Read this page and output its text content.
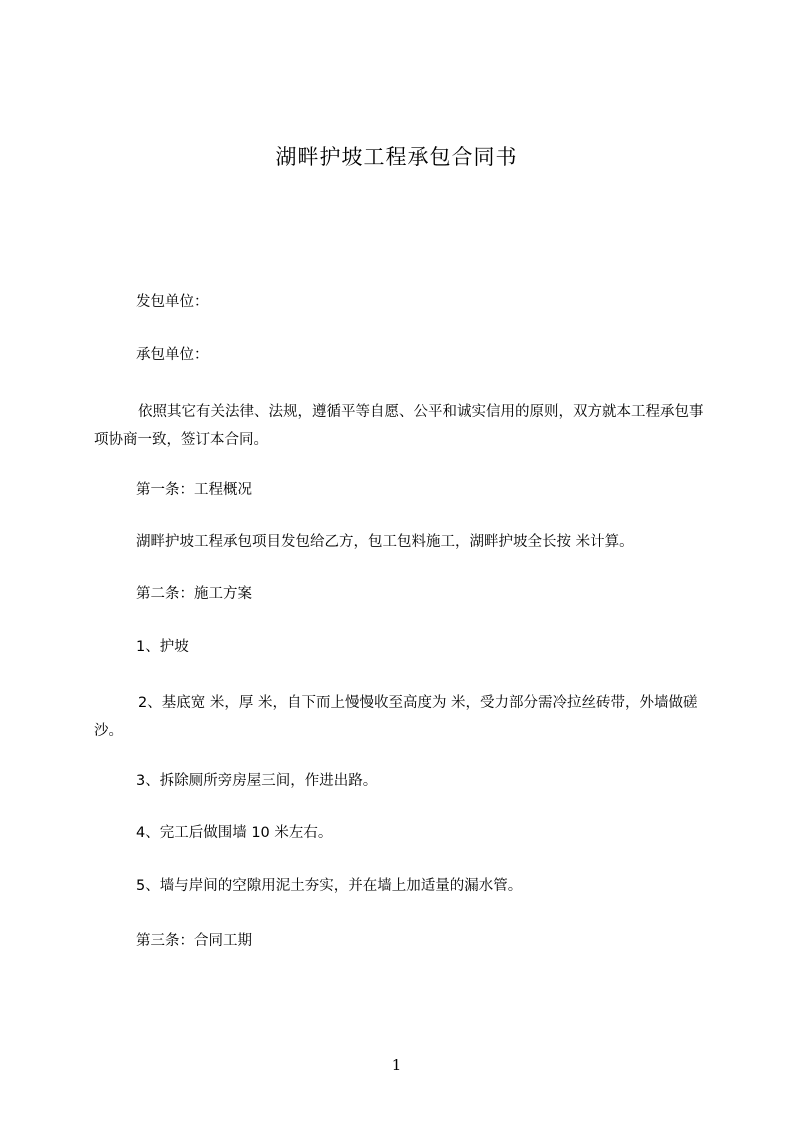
湖畔护坡工程承包合同书
发包单位：
承包单位：
依照其它有关法律、法规，遵循平等自愿、公平和诚实信用的原则，双方就本工程承包事项协商一致，签订本合同。
第一条：工程概况
湖畔护坡工程承包项目发包给乙方，包工包料施工，湖畔护坡全长按 米计算。
第二条：施工方案
1、护坡
2、基底宽 米，厚 米，自下而上慢慢收至高度为 米，受力部分需冷拉丝砖带，外墙做磋沙。
3、拆除厕所旁房屋三间，作进出路。
4、完工后做围墙 10 米左右。
5、墙与岸间的空隙用泥土夯实，并在墙上加适量的漏水管。
第三条：合同工期
1
